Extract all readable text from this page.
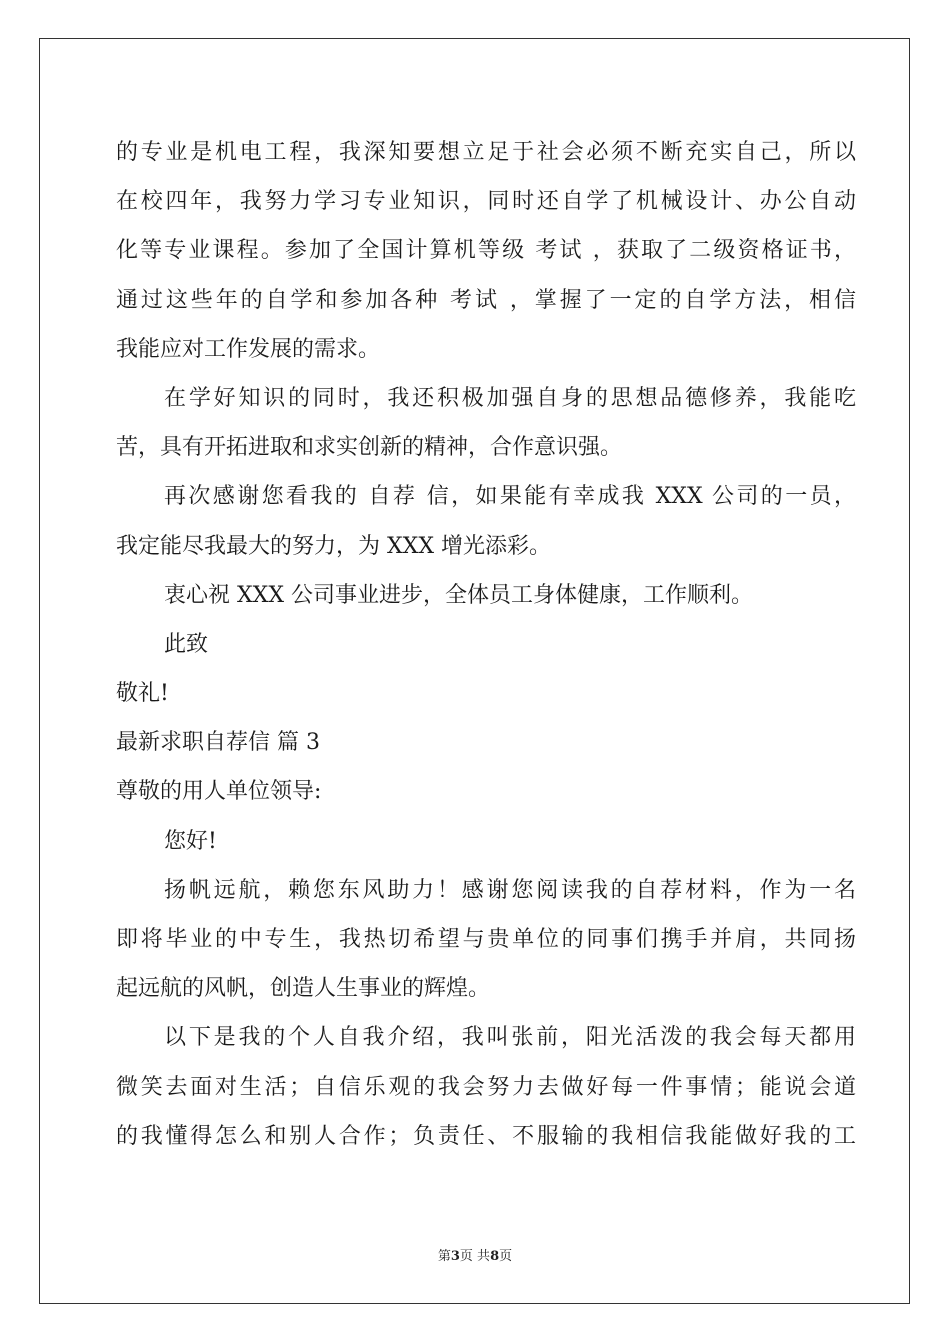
的专业是机电工程，我深知要想立足于社会必须不断充实自己，所以
在校四年，我努力学习专业知识，同时还自学了机械设计、办公自动
化等专业课程。参加了全国计算机等级 考试 ，获取了二级资格证书，
通过这些年的自学和参加各种 考试 ，掌握了一定的自学方法，相信
我能应对工作发展的需求。
在学好知识的同时，我还积极加强自身的思想品德修养，我能吃
苦，具有开拓进取和求实创新的精神，合作意识强。
再次感谢您看我的 自荐 信，如果能有幸成我 XXX 公司的一员，
我定能尽我最大的努力，为 XXX 增光添彩。
衷心祝 XXX 公司事业进步，全体员工身体健康，工作顺利。
此致
敬礼!
最新求职自荐信 篇 3
尊敬的用人单位领导:
您好!
扬帆远航，赖您东风助力！感谢您阅读我的自荐材料，作为一名
即将毕业的中专生，我热切希望与贵单位的同事们携手并肩，共同扬
起远航的风帆，创造人生事业的辉煌。
以下是我的个人自我介绍，我叫张前，阳光活泼的我会每天都用
微笑去面对生活；自信乐观的我会努力去做好每一件事情；能说会道
的我懂得怎么和别人合作；负责任、不服输的我相信我能做好我的工
第3页 共8页
